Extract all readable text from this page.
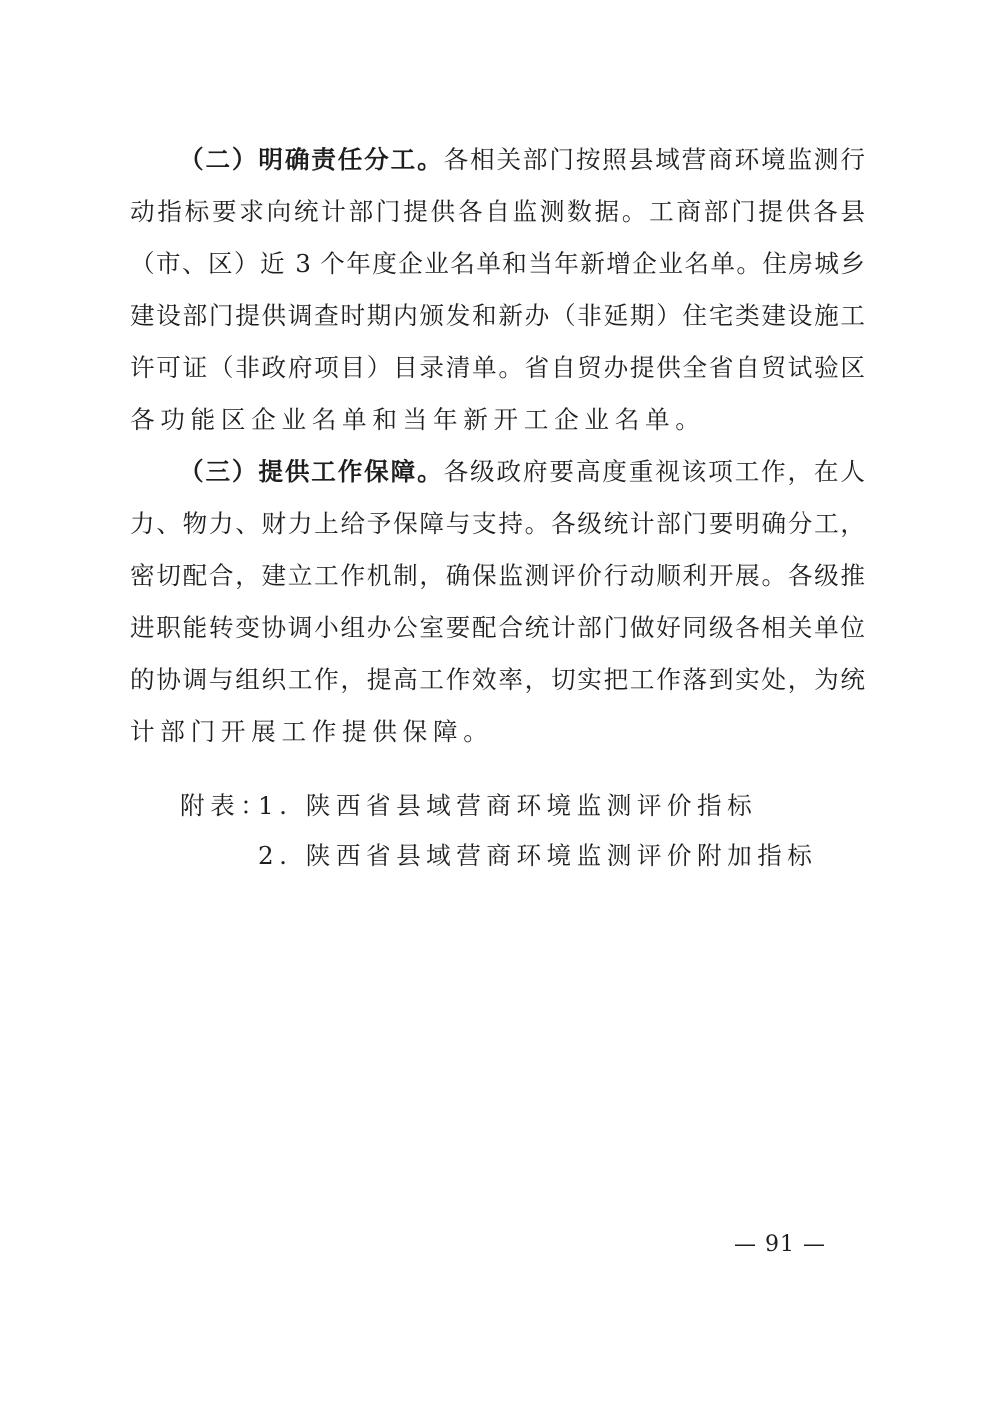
（二）明确责任分工。各相关部门按照县域营商环境监测行
动指标要求向统计部门提供各自监测数据。工商部门提供各县
（市、区）近 3 个年度企业名单和当年新增企业名单。住房城乡
建设部门提供调查时期内颁发和新办（非延期）住宅类建设施工
许可证（非政府项目）目录清单。省自贸办提供全省自贸试验区
各功能区企业名单和当年新开工企业名单。
（三）提供工作保障。各级政府要高度重视该项工作，在人
力、物力、财力上给予保障与支持。各级统计部门要明确分工，
密切配合，建立工作机制，确保监测评价行动顺利开展。各级推
进职能转变协调小组办公室要配合统计部门做好同级各相关单位
的协调与组织工作，提高工作效率，切实把工作落到实处，为统
计部门开展工作提供保障。
附表：
1. 陕西省县域营商环境监测评价指标
2. 陕西省县域营商环境监测评价附加指标
— 91 —
